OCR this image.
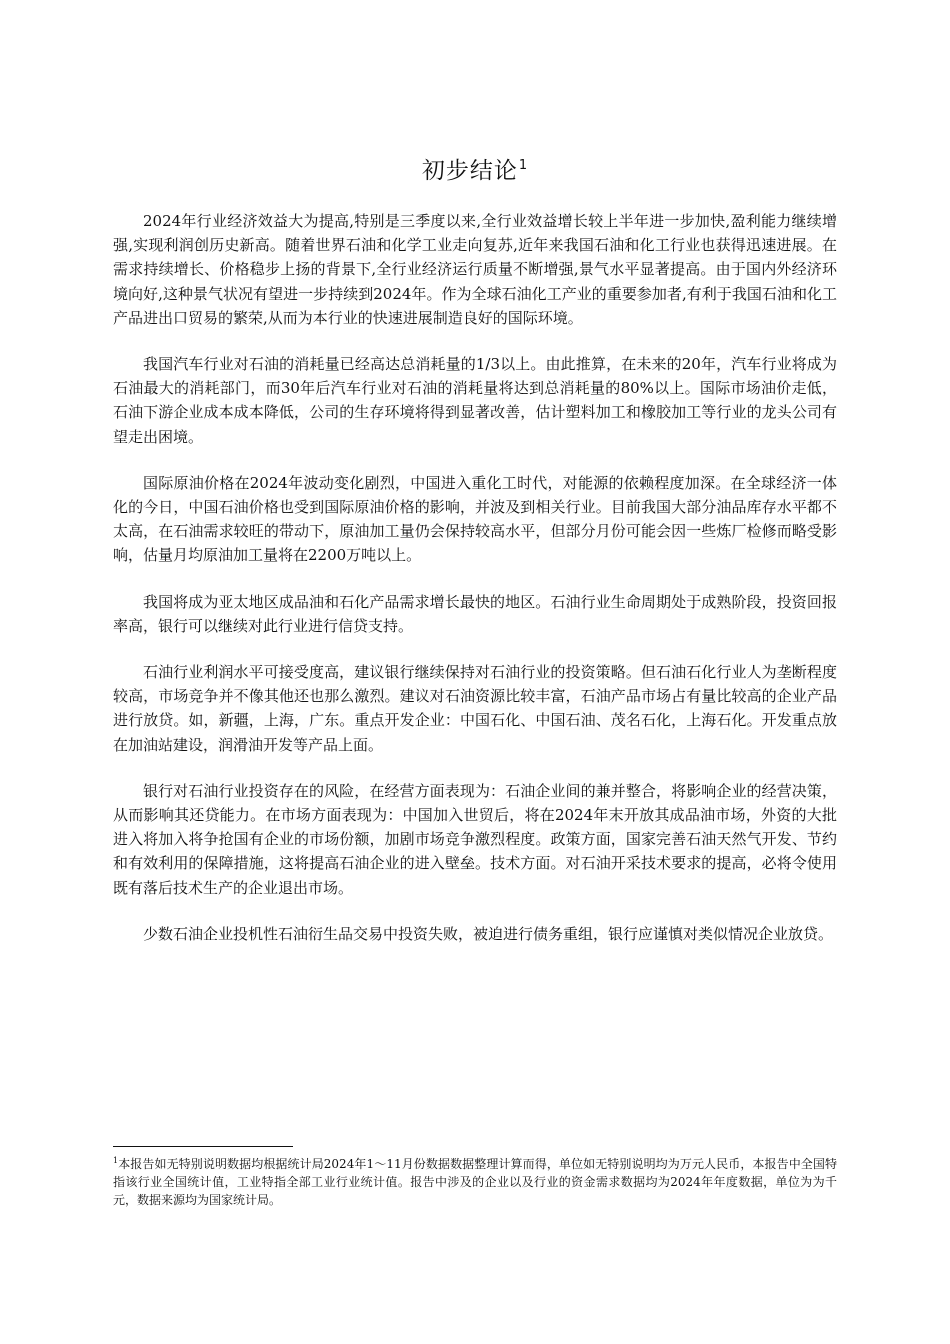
初步结论$^1$

2024年行业经济效益大为提高,特别是三季度以来,全行业效益增长较上半年进一步加快,盈利能力继续增强,实现利润创历史新高。随着世界石油和化学工业走向复苏,近年来我国石油和化工行业也获得迅速进展。在需求持续增长、价格稳步上扬的背景下,全行业经济运行质量不断增强,景气水平显著提高。由于国内外经济环境向好,这种景气状况有望进一步持续到2024年。作为全球石油化工产业的重要参加者,有利于我国石油和化工产品进出口贸易的繁荣,从而为本行业的快速进展制造良好的国际环境。

我国汽车行业对石油的消耗量已经高达总消耗量的1/3以上。由此推算，在未来的20年，汽车行业将成为石油最大的消耗部门，而30年后汽车行业对石油的消耗量将达到总消耗量的80%以上。国际市场油价走低，石油下游企业成本成本降低，公司的生存环境将得到显著改善，估计塑料加工和橡胶加工等行业的龙头公司有望走出困境。

国际原油价格在2024年波动变化剧烈，中国进入重化工时代，对能源的依赖程度加深。在全球经济一体化的今日，中国石油价格也受到国际原油价格的影响，并波及到相关行业。目前我国大部分油品库存水平都不太高，在石油需求较旺的带动下，原油加工量仍会保持较高水平，但部分月份可能会因一些炼厂检修而略受影响，估量月均原油加工量将在2200万吨以上。

我国将成为亚太地区成品油和石化产品需求增长最快的地区。石油行业生命周期处于成熟阶段，投资回报率高，银行可以继续对此行业进行信贷支持。

石油行业利润水平可接受度高，建议银行继续保持对石油行业的投资策略。但石油石化行业人为垄断程度较高，市场竞争并不像其他还也那么激烈。建议对石油资源比较丰富，石油产品市场占有量比较高的企业产品进行放贷。如，新疆，上海，广东。重点开发企业：中国石化、中国石油、茂名石化，上海石化。开发重点放在加油站建设，润滑油开发等产品上面。

银行对石油行业投资存在的风险，在经营方面表现为：石油企业间的兼并整合，将影响企业的经营决策，从而影响其还贷能力。在市场方面表现为：中国加入世贸后，将在2024年末开放其成品油市场，外资的大批进入将加入将争抢国有企业的市场份额，加剧市场竞争激烈程度。政策方面，国家完善石油天然气开发、节约和有效利用的保障措施，这将提高石油企业的进入壁垒。技术方面。对石油开采技术要求的提高，必将令使用既有落后技术生产的企业退出市场。

少数石油企业投机性石油衍生品交易中投资失败，被迫进行债务重组，银行应谨慎对类似情况企业放贷。

$^1$本报告如无特别说明数据均根据统计局2024年1～11月份数据数据整理计算而得，单位如无特别说明均为万元人民币，本报告中全国特指该行业全国统计值，工业特指全部工业行业统计值。报告中涉及的企业以及行业的资金需求数据均为2024年年度数据，单位为为千元，数据来源均为国家统计局。
